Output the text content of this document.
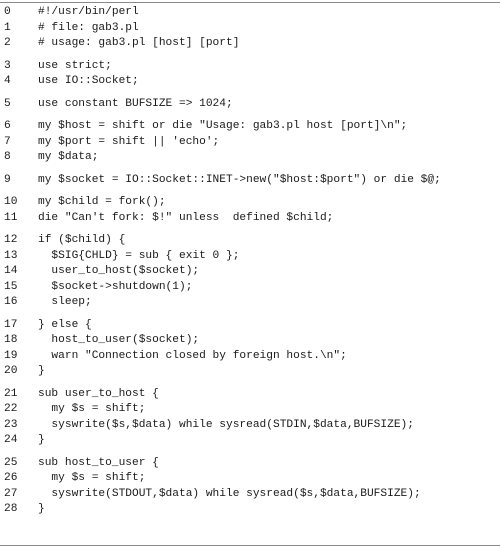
0	#!/usr/bin/perl
1	# file: gab3.pl
2	# usage: gab3.pl [host] [port]
3	use strict;
4	use IO::Socket;
5	use constant BUFSIZE => 1024;
6	my $host = shift or die "Usage: gab3.pl host [port]\n";
7	my $port = shift || 'echo';
8	my $data;
9	my $socket = IO::Socket::INET->new("$host:$port") or die $@;
10	my $child = fork();
11	die "Can't fork: $!" unless  defined $child;
12	if ($child) {
13	$SIG{CHLD} = sub { exit 0 };
14	user_to_host($socket);
15	$socket->shutdown(1);
16	sleep;
17	} else {
18	host_to_user($socket);
19	warn "Connection closed by foreign host.\n";
20	}
21	sub user_to_host {
22	my $s = shift;
23	syswrite($s,$data) while sysread(STDIN,$data,BUFSIZE);
24	}
25	sub host_to_user {
26	my $s = shift;
27	syswrite(STDOUT,$data) while sysread($s,$data,BUFSIZE);
28	}
